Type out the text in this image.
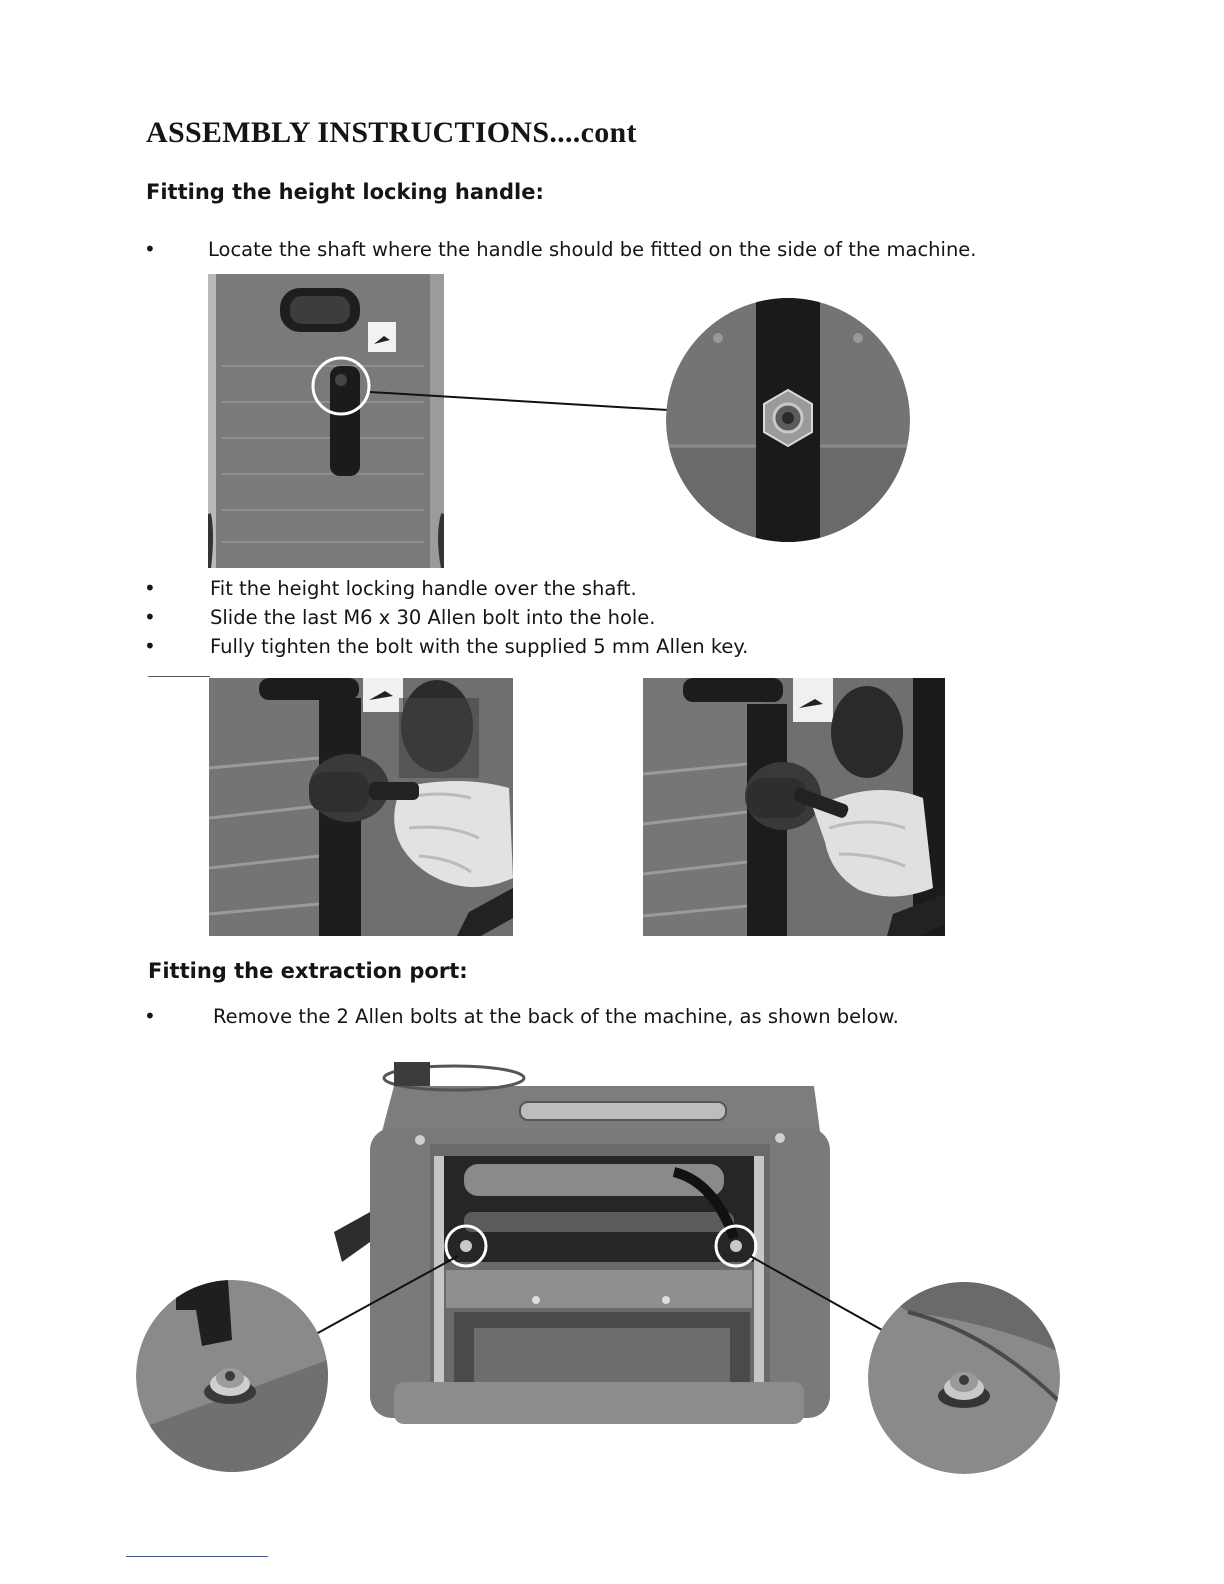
ASSEMBLY INSTRUCTIONS....cont
Fitting the height locking handle:
•	Locate the shaft where the handle should be fitted on the side of the machine.
•	Fit the height locking handle over the shaft.
•	Slide the last M6 x 30 Allen bolt into the hole.
•	Fully tighten the bolt with the supplied 5 mm Allen key.
Fitting the extraction port:
•	Remove the 2 Allen bolts at the back of the machine, as shown below.
